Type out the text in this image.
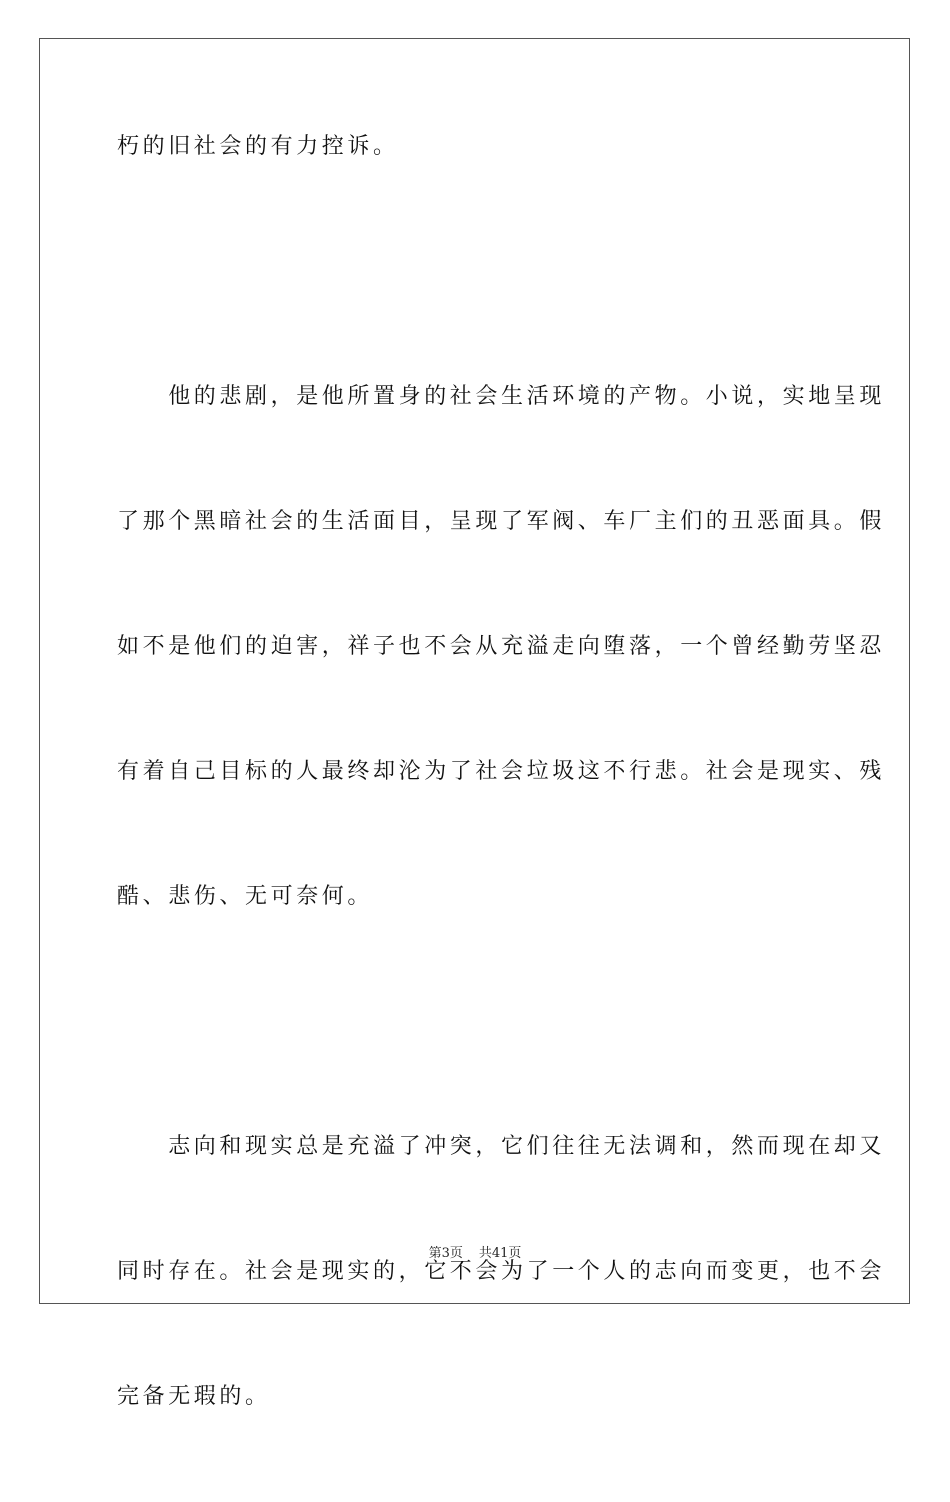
朽的旧社会的有力控诉。
　　他的悲剧，是他所置身的社会生活环境的产物。小说，实地呈现
了那个黑暗社会的生活面目，呈现了军阀、车厂主们的丑恶面具。假
如不是他们的迫害，祥子也不会从充溢走向堕落，一个曾经勤劳坚忍
有着自己目标的人最终却沦为了社会垃圾这不行悲。社会是现实、残
酷、悲伤、无可奈何。
　　志向和现实总是充溢了冲突，它们往往无法调和，然而现在却又
同时存在。社会是现实的，它不会为了一个人的志向而变更，也不会
完备无瑕的。
第3页 共41页
